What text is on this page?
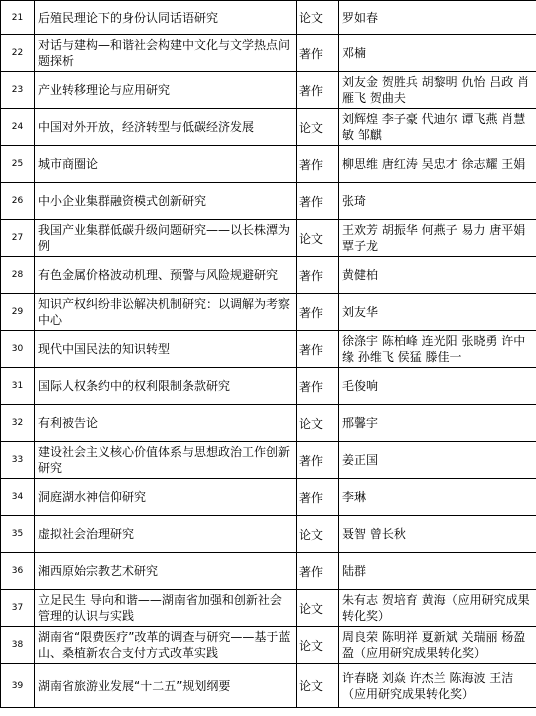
21	后殖民理论下的身份认同话语研究	论文	罗如春
22	对话与建构—和谐社会构建中文化与文学热点问题探析	著作	邓楠
23	产业转移理论与应用研究	著作	刘友金 贺胜兵 胡黎明 仇怡 吕政 肖雁飞 贺曲夫
24	中国对外开放，经济转型与低碳经济发展	论文	刘辉煌 李子豪 代迪尔 谭飞燕 肖慧敏 邹麒
25	城市商圈论	著作	柳思维 唐红涛 吴忠才 徐志耀 王娟
26	中小企业集群融资模式创新研究	著作	张琦
27	我国产业集群低碳升级问题研究——以长株潭为例	论文	王欢芳 胡振华 何燕子 易力 唐平娟 覃子龙
28	有色金属价格波动机理、预警与风险规避研究	著作	黄健柏
29	知识产权纠纷非讼解决机制研究：以调解为考察中心	著作	刘友华
30	现代中国民法的知识转型	著作	徐涤宇 陈柏峰 连光阳 张晓勇 许中缘 孙维飞 侯猛 滕佳一
31	国际人权条约中的权利限制条款研究	著作	毛俊响
32	有利被告论	论文	邢馨宇
33	建设社会主义核心价值体系与思想政治工作创新研究	著作	姜正国
34	洞庭湖水神信仰研究	著作	李琳
35	虚拟社会治理研究	论文	聂智 曾长秋
36	湘西原始宗教艺术研究	著作	陆群
37	立足民生 导向和谐——湖南省加强和创新社会管理的认识与实践	论文	朱有志 贺培育 黄海（应用研究成果转化奖）
38	湖南省“限费医疗”改革的调查与研究——基于蓝山、桑植新农合支付方式改革实践	论文	周良荣 陈明祥 夏新斌 关瑞丽 杨盈盈（应用研究成果转化奖）
39	湖南省旅游业发展“十二五”规划纲要	论文	许春晓 刘焱 许杰兰 陈海波 王洁（应用研究成果转化奖）
